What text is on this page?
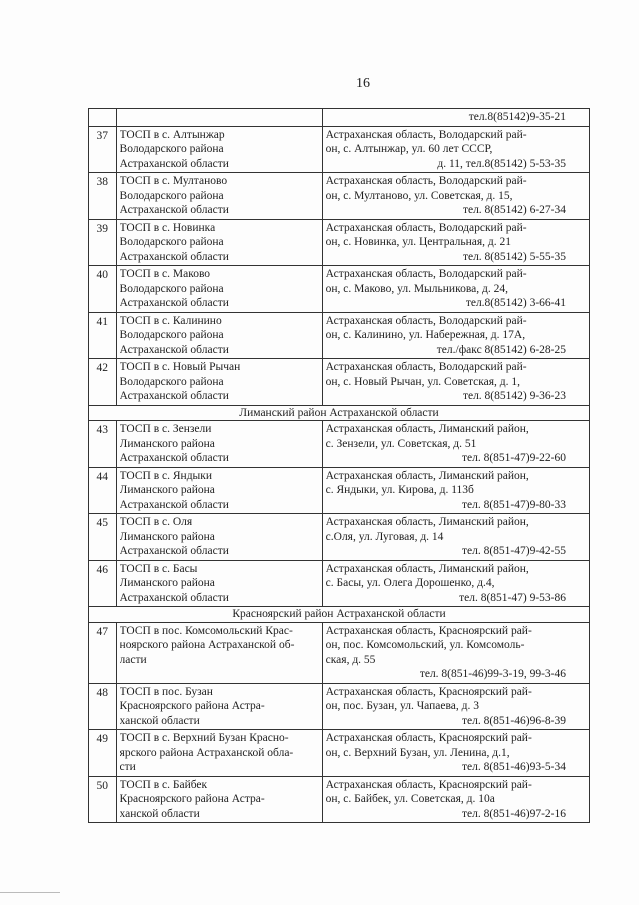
16

		тел.8(85142)9-35-21

37	ТОСП в с. Алтынжар
Володарского района
Астраханской области	Астраханская область, Володарский рай-
он, с. Алтынжар, ул. 60 лет СССР,
д. 11, тел.8(85142) 5-53-35

38	ТОСП в с. Мултаново
Володарского района
Астраханской области	Астраханская область, Володарский рай-
он, с. Мултаново, ул. Советская, д. 15,
тел. 8(85142) 6-27-34

39	ТОСП в с. Новинка
Володарского района
Астраханской области	Астраханская область, Володарский рай-
он, с. Новинка, ул. Центральная, д. 21
тел. 8(85142) 5-55-35

40	ТОСП в с. Маково
Володарского района
Астраханской области	Астраханская область, Володарский рай-
он, с. Маково, ул. Мыльникова, д. 24,
тел.8(85142) 3-66-41

41	ТОСП в с. Калинино
Володарского района
Астраханской области	Астраханская область, Володарский рай-
он, с. Калинино, ул. Набережная, д. 17А,
тел./факс 8(85142) 6-28-25

42	ТОСП в с. Новый Рычан
Володарского района
Астраханской области	Астраханская область, Володарский рай-
он, с. Новый Рычан, ул. Советская, д. 1,
тел. 8(85142) 9-36-23

Лиманский район Астраханской области		
43	ТОСП в с. Зензели
Лиманского района
Астраханской области	Астраханская область, Лиманский район,
с. Зензели, ул. Советская, д. 51
тел. 8(851-47)9-22-60

44	ТОСП в с. Яндыки
Лиманского района
Астраханской области	Астраханская область, Лиманский район,
с. Яндыки, ул. Кирова, д. 113б
тел. 8(851-47)9-80-33

45	ТОСП в с. Оля
Лиманского района
Астраханской области	Астраханская область, Лиманский район,
с.Оля, ул. Луговая, д. 14
тел. 8(851-47)9-42-55

46	ТОСП в с. Басы
Лиманского района
Астраханской области	Астраханская область, Лиманский район,
с. Басы, ул. Олега Дорошенко, д.4,
тел. 8(851-47) 9-53-86

Красноярский район Астраханской области		
47	ТОСП в пос. Комсомольский Крас-
ноярского района Астраханской об-
ласти	Астраханская область, Красноярский рай-
он, пос. Комсомольский, ул. Комсомоль-
ская, д. 55
тел. 8(851-46)99-3-19, 99-3-46

48	ТОСП в пос. Бузан
Красноярского района Астра-
ханской области	Астраханская область, Красноярский рай-
он, пос. Бузан, ул. Чапаева, д. 3
тел. 8(851-46)96-8-39

49	ТОСП в с. Верхний Бузан Красно-
ярского района Астраханской обла-
сти	Астраханская область, Красноярский рай-
он, с. Верхний Бузан, ул. Ленина, д.1,
тел. 8(851-46)93-5-34

50	ТОСП в с. Байбек
Красноярского района Астра-
ханской области	Астраханская область, Красноярский рай-
он, с. Байбек, ул. Советская, д. 10а
тел. 8(851-46)97-2-16
